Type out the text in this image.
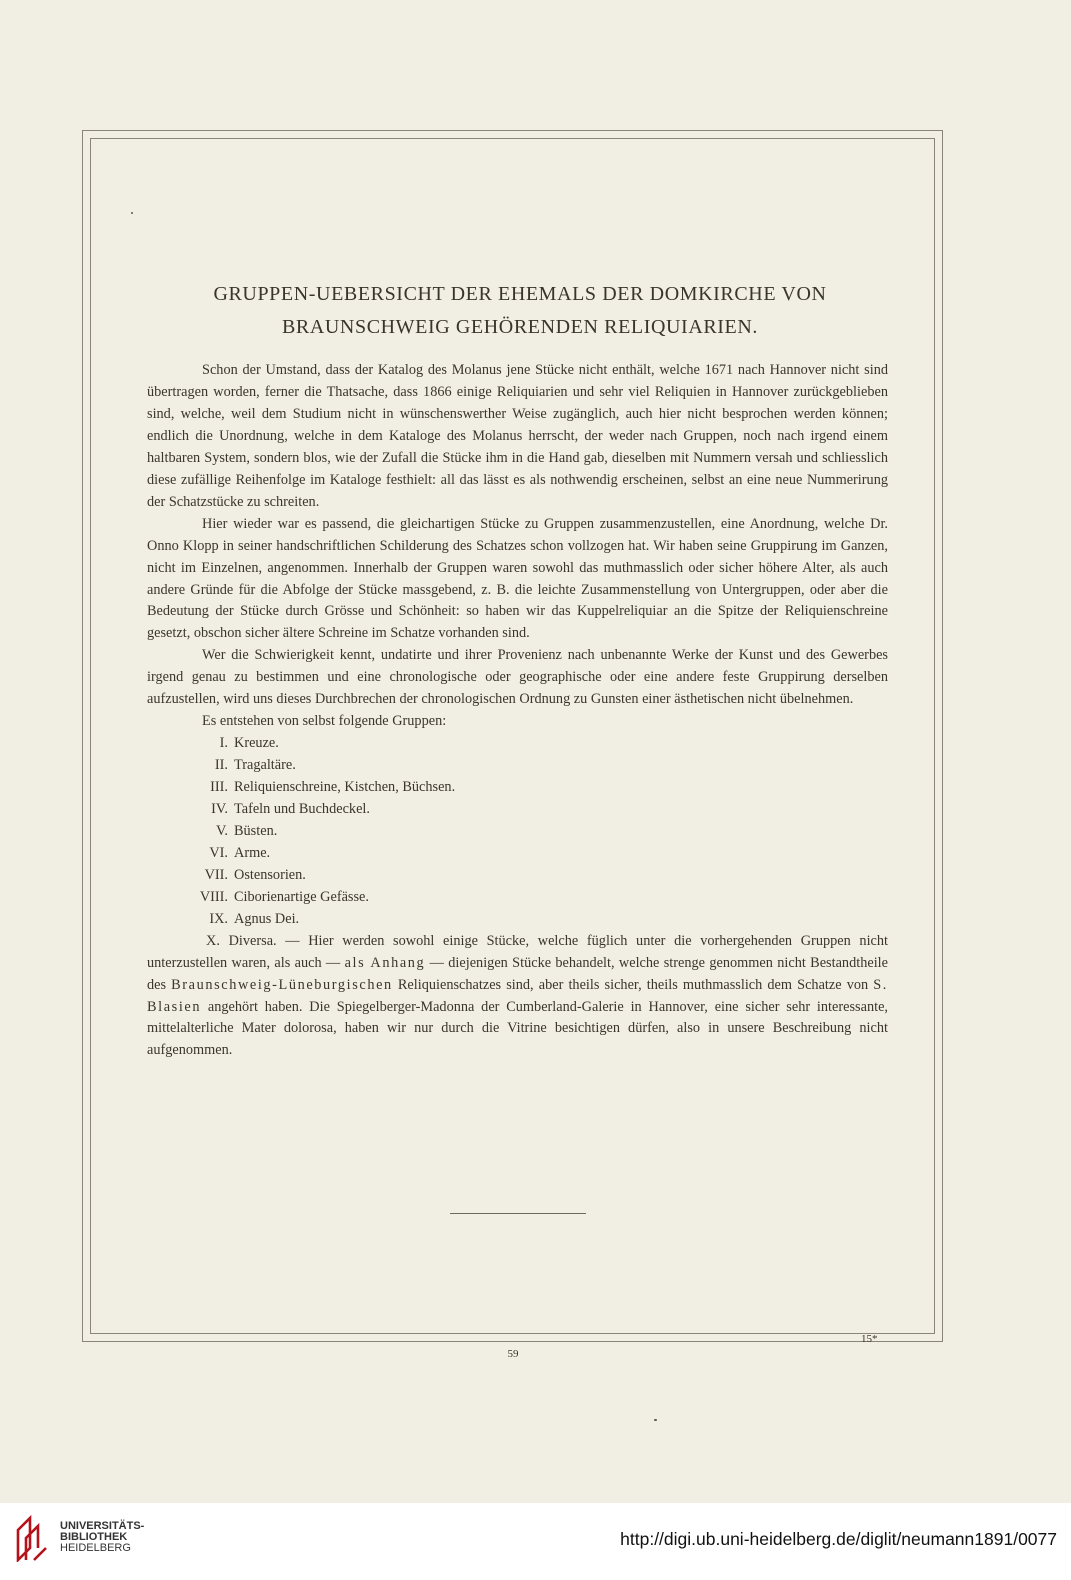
GRUPPEN-UEBERSICHT DER EHEMALS DER DOMKIRCHE VON
BRAUNSCHWEIG GEHÖRENDEN RELIQUIARIEN.

Schon der Umstand, dass der Katalog des Molanus jene Stücke nicht enthält, welche 1671 nach Hannover nicht sind übertragen worden, ferner die Thatsache, dass 1866 einige Reliquiarien und sehr viel Reliquien in Hannover zurückgeblieben sind, welche, weil dem Studium nicht in wünschenswerther Weise zugänglich, auch hier nicht besprochen werden können; endlich die Unordnung, welche in dem Kataloge des Molanus herrscht, der weder nach Gruppen, noch nach irgend einem haltbaren System, sondern blos, wie der Zufall die Stücke ihm in die Hand gab, dieselben mit Nummern versah und schliesslich diese zufällige Reihenfolge im Kataloge festhielt: all das lässt es als nothwendig erscheinen, selbst an eine neue Nummerirung der Schatzstücke zu schreiten.

Hier wieder war es passend, die gleichartigen Stücke zu Gruppen zusammenzustellen, eine Anordnung, welche Dr. Onno Klopp in seiner handschriftlichen Schilderung des Schatzes schon vollzogen hat. Wir haben seine Gruppirung im Ganzen, nicht im Einzelnen, angenommen. Innerhalb der Gruppen waren sowohl das muthmasslich oder sicher höhere Alter, als auch andere Gründe für die Abfolge der Stücke massgebend, z. B. die leichte Zusammenstellung von Untergruppen, oder aber die Bedeutung der Stücke durch Grösse und Schönheit: so haben wir das Kuppelreliquiar an die Spitze der Reliquienschreine gesetzt, obschon sicher ältere Schreine im Schatze vorhanden sind.

Wer die Schwierigkeit kennt, undatirte und ihrer Provenienz nach unbenannte Werke der Kunst und des Gewerbes irgend genau zu bestimmen und eine chronologische oder geographische oder eine andere feste Gruppirung derselben aufzustellen, wird uns dieses Durchbrechen der chronologischen Ordnung zu Gunsten einer ästhetischen nicht übelnehmen.

Es entstehen von selbst folgende Gruppen:

I. Kreuze.
II. Tragaltäre.
III. Reliquienschreine, Kistchen, Büchsen.
IV. Tafeln und Buchdeckel.
V. Büsten.
VI. Arme.
VII. Ostensorien.
VIII. Ciborienartige Gefässe.
IX. Agnus Dei.

X. Diversa. — Hier werden sowohl einige Stücke, welche füglich unter die vorhergehenden Gruppen nicht unterzustellen waren, als auch — als Anhang — diejenigen Stücke behandelt, welche strenge genommen nicht Bestandtheile des Braunschweig-Lüneburgischen Reliquienschatzes sind, aber theils sicher, theils muthmasslich dem Schatze von S. Blasien angehört haben. Die Spiegelberger-Madonna der Cumberland-Galerie in Hannover, eine sicher sehr interessante, mittelalterliche Mater dolorosa, haben wir nur durch die Vitrine besichtigen dürfen, also in unsere Beschreibung nicht aufgenommen.

15*
59
UNIVERSITÄTS-
BIBLIOTHEK
HEIDELBERG	http://digi.ub.uni-heidelberg.de/diglit/neumann1891/0077
